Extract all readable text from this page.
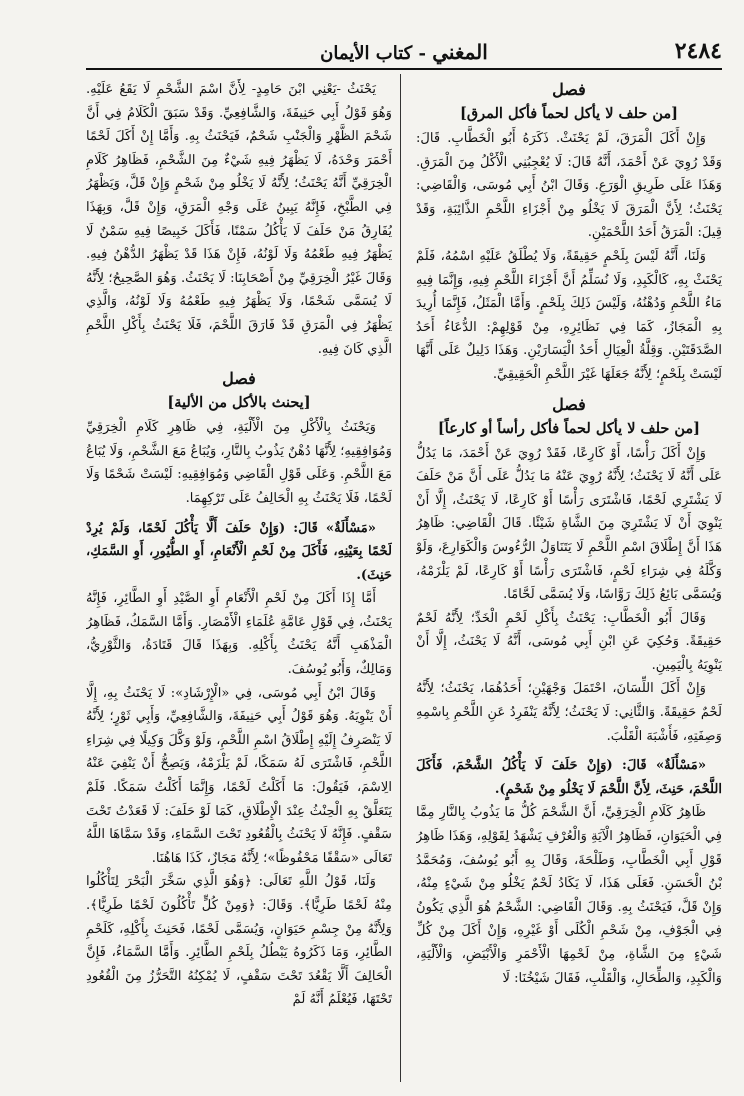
٢٤٨٤
المغني - كتاب الأيمان
فصل
[من حلف لا يأكل لحماً فأكل المرق]

وَإِنْ أَكَلَ الْمَرَقَ، لَمْ يَحْنَثْ. ذَكَرَهُ أَبُو الْخَطَّابِ. قَالَ: وَقَدْ رُوِيَ عَنْ أَحْمَدَ، أَنَّهُ قَالَ: لَا يُعْجِبُنِي الْأَكْلُ مِنَ الْمَرَقِ. وَهَذَا عَلَى طَرِيقِ الْوَرَعِ. وَقَالَ ابْنُ أَبِي مُوسَى، وَالْقَاضِي: يَحْنَثُ؛ لِأَنَّ الْمَرَقَ لَا يَخْلُو مِنْ أَجْزَاءِ اللَّحْمِ الذَّائِبَةِ، وَقَدْ قِيلَ: الْمَرَقُ أَحَدُ اللَّحْمَيْنِ.

وَلَنَا، أَنَّهُ لَيْسَ بِلَحْمٍ حَقِيقَةً، وَلَا يُطْلَقُ عَلَيْهِ اسْمُهُ، فَلَمْ يَحْنَثْ بِهِ، كَالْكَبِدِ، وَلَا نُسَلِّمُ أَنَّ أَجْزَاءَ اللَّحْمِ فِيهِ، وَإِنَّمَا فِيهِ مَاءُ اللَّحْمِ وَدُهْنُهُ، وَلَيْسَ ذَلِكَ بِلَحْمٍ. وَأَمَّا الْمَثَلُ، فَإِنَّمَا أُرِيدَ بِهِ الْمَجَازُ، كَمَا فِي نَظَائِرِهِ، مِنْ قَوْلِهِمْ: الدُّعَاءُ أَحَدُ الصَّدَقَتَيْنِ. وَقِلَّةُ الْعِيَالِ أَحَدُ الْيَسَارَيْنِ. وَهَذَا دَلِيلٌ عَلَى أَنَّهَا لَيْسَتْ بِلَحْمٍ؛ لِأَنَّهُ جَعَلَهَا غَيْرَ اللَّحْمِ الْحَقِيقِيِّ.

فصل
[من حلف لا يأكل لحماً فأكل رأساً أو كارعاً]

وَإِنْ أَكَلَ رَأْسًا، أَوْ كَارِعًا، فَقَدْ رُوِيَ عَنْ أَحْمَدَ، مَا يَدُلُّ عَلَى أَنَّهُ لَا يَحْنَثُ؛ لِأَنَّهُ رُوِيَ عَنْهُ مَا يَدُلُّ عَلَى أَنَّ مَنْ حَلَفَ لَا يَشْتَرِي لَحْمًا، فَاشْتَرَى رَأْسًا أَوْ كَارِعًا، لَا يَحْنَثُ، إِلَّا أَنْ يَنْوِيَ أَنْ لَا يَشْتَرِيَ مِنَ الشَّاةِ شَيْئًا. قَالَ الْقَاضِي: ظَاهِرُ هَذَا أَنَّ إِطْلَاقَ اسْمِ اللَّحْمِ لَا يَتَنَاوَلُ الرُّءُوسَ وَالْكَوَارِعَ، وَلَوْ وَكَّلَهُ فِي شِرَاءِ لَحْمٍ، فَاشْتَرَى رَأْسًا أَوْ كَارِعًا، لَمْ يَلْزَمْهُ، وَيُسَمَّى بَائِعُ ذَلِكَ رَوَّاسًا، وَلَا يُسَمَّى لَحَّامًا.

وَقَالَ أَبُو الْخَطَّابِ: يَحْنَثُ بِأَكْلِ لَحْمِ الْخَدِّ؛ لِأَنَّهُ لَحْمٌ حَقِيقَةً. وَحُكِيَ عَنِ ابْنِ أَبِي مُوسَى، أَنَّهُ لَا يَحْنَثُ، إِلَّا أَنْ يَنْوِيَهُ بِالْيَمِينِ.

وَإِنْ أَكَلَ اللِّسَانَ، احْتَمَلَ وَجْهَيْنِ؛ أَحَدُهُمَا، يَحْنَثُ؛ لِأَنَّهُ لَحْمٌ حَقِيقَةً. وَالثَّانِي: لَا يَحْنَثُ؛ لِأَنَّهُ يَنْفَرِدُ عَنِ اللَّحْمِ بِاسْمِهِ وَصِفَتِهِ، فَأَشْبَهَ الْقَلْبَ.

«مَسْأَلَةٌ» قَالَ: (وَإِنْ حَلَفَ لَا يَأْكُلُ الشَّحْمَ، فَأَكَلَ اللَّحْمَ، حَنِثَ، لِأَنَّ اللَّحْمَ لَا يَخْلُو مِنْ شَحْمٍ).

ظَاهِرُ كَلَامِ الْخِرَقِيِّ، أَنَّ الشَّحْمَ كُلُّ مَا يَذُوبُ بِالنَّارِ مِمَّا فِي الْحَيَوَانِ، فَظَاهِرُ الْآيَةِ وَالْعُرْفِ يَشْهَدُ لِقَوْلِهِ، وَهَذَا ظَاهِرُ قَوْلِ أَبِي الْخَطَّابِ، وَطَلْحَةَ، وَقَالَ بِهِ أَبُو يُوسُفَ، وَمُحَمَّدُ بْنُ الْحَسَنِ. فَعَلَى هَذَا، لَا يَكَادُ لَحْمٌ يَخْلُو مِنْ شَيْءٍ مِنْهُ، وَإِنْ قَلَّ، فَيَحْنَثُ بِهِ. وَقَالَ الْقَاضِي: الشَّحْمُ هُوَ الَّذِي يَكُونُ فِي الْجَوْفِ، مِنْ شَحْمِ الْكُلَى أَوْ غَيْرِهِ، وَإِنْ أَكَلَ مِنْ كُلِّ شَيْءٍ مِنَ الشَّاةِ، مِنْ لَحْمِهَا الْأَحْمَرِ وَالْأَبْيَضِ، وَالْأَلْيَةِ، وَالْكَبِدِ، وَالطِّحَالِ، وَالْقَلْبِ، فَقَالَ شَيْخُنَا: لَا

يَحْنَثُ -يَعْنِي ابْنَ حَامِدٍ- لِأَنَّ اسْمَ الشَّحْمِ لَا يَقَعُ عَلَيْهِ. وَهُوَ قَوْلُ أَبِي حَنِيفَةَ، وَالشَّافِعِيِّ. وَقَدْ سَبَقَ الْكَلَامُ فِي أَنَّ شَحْمَ الظَّهْرِ وَالْجَنْبِ شَحْمٌ، فَيَحْنَثُ بِهِ. وَأَمَّا إِنْ أَكَلَ لَحْمًا أَحْمَرَ وَحْدَهُ، لَا يَظْهَرُ فِيهِ شَيْءٌ مِنَ الشَّحْمِ، فَظَاهِرُ كَلَامِ الْخِرَقِيِّ أَنَّهُ يَحْنَثُ؛ لِأَنَّهُ لَا يَخْلُو مِنْ شَحْمٍ وَإِنْ قَلَّ، وَيَظْهَرُ فِي الطَّبْخِ، فَإِنَّهُ يَبِينُ عَلَى وَجْهِ الْمَرَقِ، وَإِنْ قَلَّ، وَبِهَذَا يُفَارِقُ مَنْ حَلَفَ لَا يَأْكُلُ سَمْنًا، فَأَكَلَ خَبِيصًا فِيهِ سَمْنٌ لَا يَظْهَرُ فِيهِ طَعْمُهُ وَلَا لَوْنُهُ، فَإِنْ هَذَا قَدْ يَظْهَرُ الدُّهْنُ فِيهِ. وَقَالَ غَيْرُ الْخِرَقِيِّ مِنْ أَصْحَابِنَا: لَا يَحْنَثُ. وَهُوَ الصَّحِيحُ؛ لِأَنَّهُ لَا يُسَمَّى شَحْمًا، وَلَا يَظْهَرُ فِيهِ طَعْمُهُ وَلَا لَوْنُهُ، وَالَّذِي يَظْهَرُ فِي الْمَرَقِ قَدْ فَارَقَ اللَّحْمَ، فَلَا يَحْنَثُ بِأَكْلِ اللَّحْمِ الَّذِي كَانَ فِيهِ.

فصل
[يحنث بالأكل من الألية]

وَيَحْنَثُ بِالْأَكْلِ مِنَ الْأَلْيَةِ، فِي ظَاهِرِ كَلَامِ الْخِرَقِيِّ وَمُوَافِقِيهِ؛ لِأَنَّهَا دُهْنٌ يَذُوبُ بِالنَّارِ، وَيُبَاعُ مَعَ الشَّحْمِ، وَلَا يُبَاعُ مَعَ اللَّحْمِ. وَعَلَى قَوْلِ الْقَاضِي وَمُوَافِقِيهِ: لَيْسَتْ شَحْمًا وَلَا لَحْمًا، فَلَا يَحْنَثُ بِهِ الْحَالِفُ عَلَى تَرْكِهِمَا.

«مَسْأَلَةٌ» قَالَ: (وَإِنْ حَلَفَ أَلَّا يَأْكُلَ لَحْمًا، وَلَمْ يُرِدْ لَحْمًا بِعَيْنِهِ، فَأَكَلَ مِنْ لَحْمِ الْأَنْعَامِ، أَوِ الطُّيُورِ، أَوِ السَّمَكِ، حَنِثَ).

أَمَّا إِذَا أَكَلَ مِنْ لَحْمِ الْأَنْعَامِ أَوِ الصَّيْدِ أَوِ الطَّائِرِ، فَإِنَّهُ يَحْنَثُ، فِي قَوْلِ عَامَّةِ عُلَمَاءِ الْأَمْصَارِ. وَأَمَّا السَّمَكُ، فَظَاهِرُ الْمَذْهَبِ أَنَّهُ يَحْنَثُ بِأَكْلِهِ. وَبِهَذَا قَالَ قَتَادَةُ، وَالثَّوْرِيُّ، وَمَالِكٌ، وَأَبُو يُوسُفَ.

وَقَالَ ابْنُ أَبِي مُوسَى، فِي «الْإِرْشَادِ»: لَا يَحْنَثُ بِهِ، إِلَّا أَنْ يَنْوِيَهُ. وَهُوَ قَوْلُ أَبِي حَنِيفَةَ، وَالشَّافِعِيِّ، وَأَبِي ثَوْرٍ؛ لِأَنَّهُ لَا يَنْصَرِفُ إِلَيْهِ إِطْلَاقُ اسْمِ اللَّحْمِ، وَلَوْ وَكَّلَ وَكِيلًا فِي شِرَاءِ اللَّحْمِ، فَاشْتَرَى لَهُ سَمَكًا، لَمْ يَلْزَمْهُ، وَيَصِحُّ أَنْ يَنْفِيَ عَنْهُ الِاسْمَ، فَيَقُولَ: مَا أَكَلْتُ لَحْمًا، وَإِنَّمَا أَكَلْتُ سَمَكًا. فَلَمْ يَتَعَلَّقْ بِهِ الْحِنْثُ عِنْدَ الْإِطْلَاقِ، كَمَا لَوْ حَلَفَ: لَا قَعَدْتُ تَحْتَ سَقْفٍ. فَإِنَّهُ لَا يَحْنَثُ بِالْقُعُودِ تَحْتَ السَّمَاءِ، وَقَدْ سَمَّاهَا اللَّهُ تَعَالَى «سَقْفًا مَحْفُوظًا»؛ لِأَنَّهُ مَجَازٌ، كَذَا هَاهُنَا.

وَلَنَا، قَوْلُ اللَّهِ تَعَالَى: ﴿وَهُوَ الَّذِي سَخَّرَ الْبَحْرَ لِتَأْكُلُوا مِنْهُ لَحْمًا طَرِيًّا﴾. وَقَالَ: ﴿وَمِنْ كُلٍّ تَأْكُلُونَ لَحْمًا طَرِيًّا﴾. وَلِأَنَّهُ مِنْ جِسْمِ حَيَوَانٍ، وَيُسَمَّى لَحْمًا، فَحَنِثَ بِأَكْلِهِ، كَلَحْمِ الطَّائِرِ، وَمَا ذَكَرُوهُ يَبْطُلُ بِلَحْمِ الطَّائِرِ. وَأَمَّا السَّمَاءُ، فَإِنَّ الْحَالِفَ أَلَّا يَقْعُدَ تَحْتَ سَقْفٍ، لَا يُمْكِنُهُ التَّحَرُّزُ مِنَ الْقُعُودِ تَحْتَهَا، فَيُعْلَمُ أَنَّهُ لَمْ
